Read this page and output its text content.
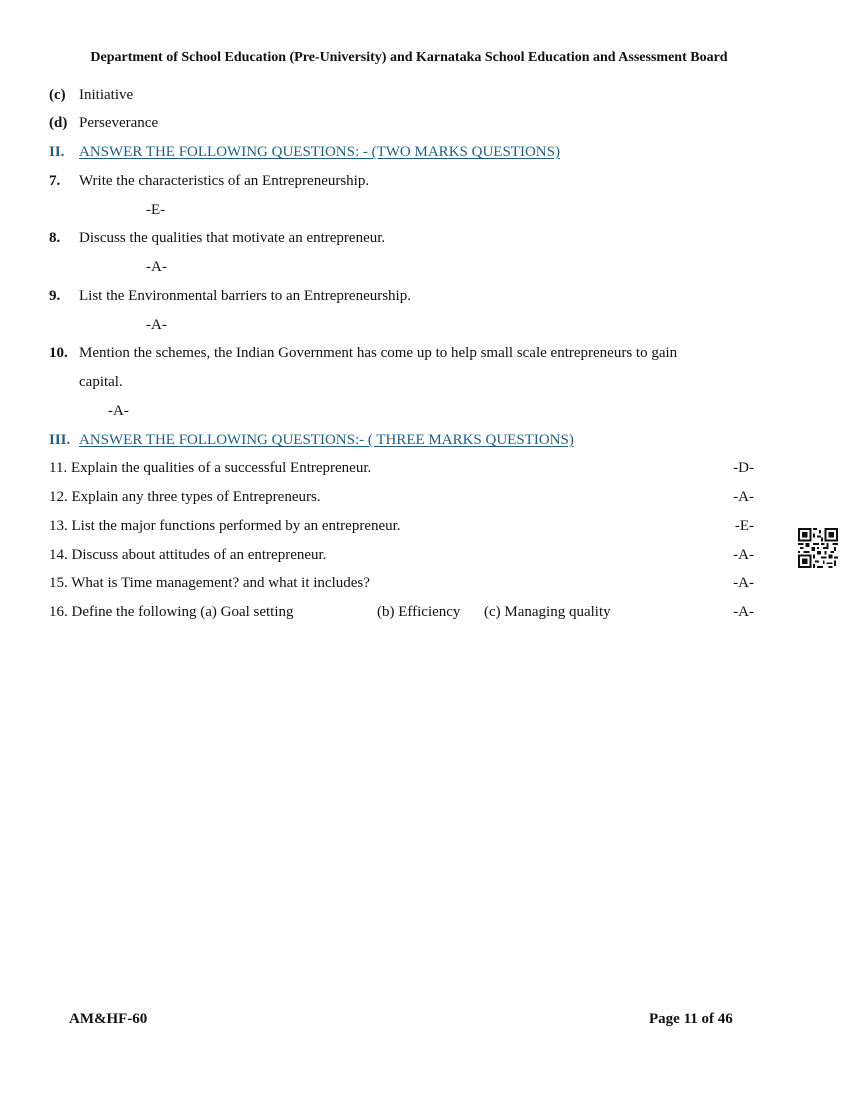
Department of School Education (Pre-University) and Karnataka School Education and Assessment Board
(c) Initiative
(d) Perseverance
II. ANSWER THE FOLLOWING QUESTIONS: - (TWO MARKS QUESTIONS)
7. Write the characteristics of an Entrepreneurship.
-E-
8. Discuss the qualities that motivate an entrepreneur.
-A-
9. List the Environmental barriers to an Entrepreneurship.
-A-
10. Mention the schemes, the Indian Government has come up to help small scale entrepreneurs to gain
capital.
-A-
III. ANSWER THE FOLLOWING QUESTIONS:- ( THREE MARKS QUESTIONS)
11. Explain the qualities of a successful Entrepreneur.	-D-
12. Explain any three types of Entrepreneurs.	-A-
13. List the major functions performed by an entrepreneur.	-E-
14. Discuss about attitudes of an entrepreneur.	-A-
15. What is Time management? and what it includes?	-A-
16. Define the following (a) Goal setting	(b) Efficiency (c) Managing quality	-A-
AM&HF-60	Page 11 of 46
